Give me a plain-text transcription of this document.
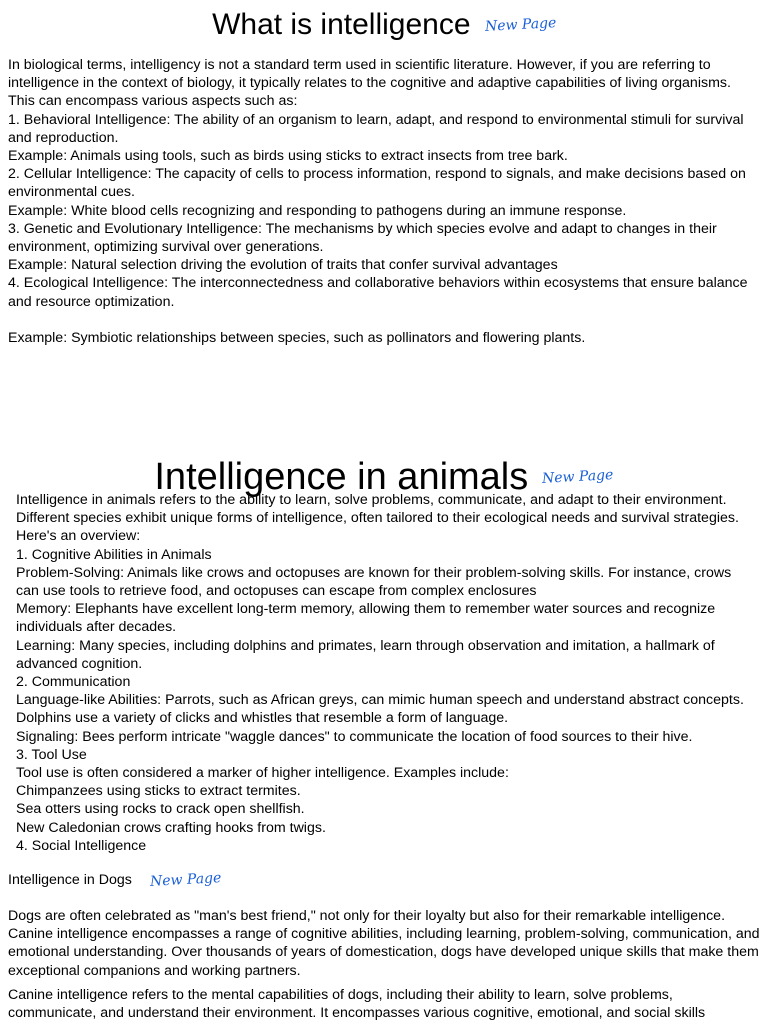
What is intelligence New Page

In biological terms, intelligency is not a standard term used in scientific literature. However, if you are referring to intelligence in the context of biology, it typically relates to the cognitive and adaptive capabilities of living organisms. This can encompass various aspects such as:

1. Behavioral Intelligence: The ability of an organism to learn, adapt, and respond to environmental stimuli for survival and reproduction.

Example: Animals using tools, such as birds using sticks to extract insects from tree bark.

2. Cellular Intelligence: The capacity of cells to process information, respond to signals, and make decisions based on environmental cues.

Example: White blood cells recognizing and responding to pathogens during an immune response.

3. Genetic and Evolutionary Intelligence: The mechanisms by which species evolve and adapt to changes in their environment, optimizing survival over generations.

Example: Natural selection driving the evolution of traits that confer survival advantages

4. Ecological Intelligence: The interconnectedness and collaborative behaviors within ecosystems that ensure balance and resource optimization.

Example: Symbiotic relationships between species, such as pollinators and flowering plants.

Intelligence in animals New Page

Intelligence in animals refers to the ability to learn, solve problems, communicate, and adapt to their environment. Different species exhibit unique forms of intelligence, often tailored to their ecological needs and survival strategies. Here's an overview:

1. Cognitive Abilities in Animals

Problem-Solving: Animals like crows and octopuses are known for their problem-solving skills. For instance, crows can use tools to retrieve food, and octopuses can escape from complex enclosures

Memory: Elephants have excellent long-term memory, allowing them to remember water sources and recognize individuals after decades.

Learning: Many species, including dolphins and primates, learn through observation and imitation, a hallmark of advanced cognition.

2. Communication

Language-like Abilities: Parrots, such as African greys, can mimic human speech and understand abstract concepts. Dolphins use a variety of clicks and whistles that resemble a form of language.

Signaling: Bees perform intricate "waggle dances" to communicate the location of food sources to their hive.

3. Tool Use

Tool use is often considered a marker of higher intelligence. Examples include:

Chimpanzees using sticks to extract termites.

Sea otters using rocks to crack open shellfish.

New Caledonian crows crafting hooks from twigs.

4. Social Intelligence

Intelligence in Dogs New Page

Dogs are often celebrated as "man's best friend," not only for their loyalty but also for their remarkable intelligence. Canine intelligence encompasses a range of cognitive abilities, including learning, problem-solving, communication, and emotional understanding. Over thousands of years of domestication, dogs have developed unique skills that make them exceptional companions and working partners.

Canine intelligence refers to the mental capabilities of dogs, including their ability to learn, solve problems, communicate, and understand their environment. It encompasses various cognitive, emotional, and social skills
